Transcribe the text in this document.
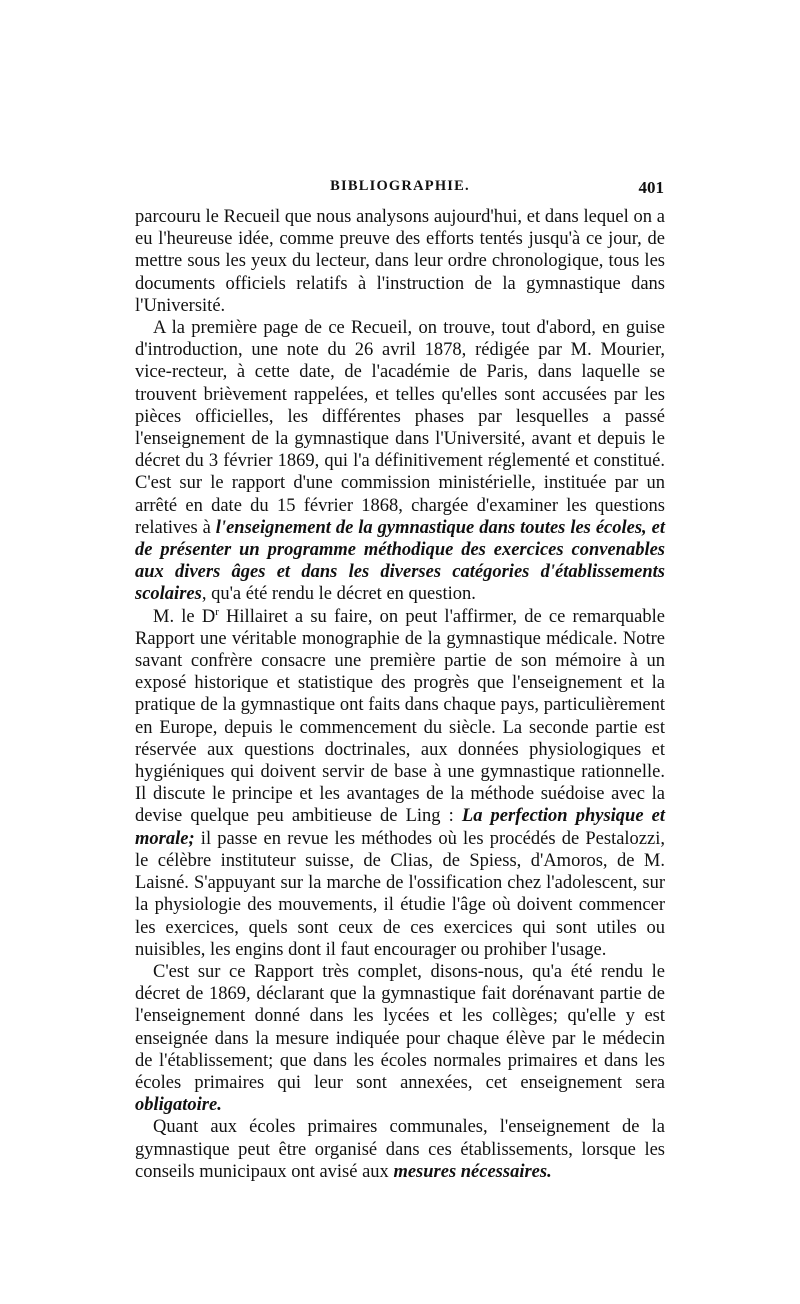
BIBLIOGRAPHIE.	401

parcouru le Recueil que nous analysons aujourd'hui, et dans lequel on a eu l'heureuse idée, comme preuve des efforts tentés jusqu'à ce jour, de mettre sous les yeux du lecteur, dans leur ordre chronologique, tous les documents officiels relatifs à l'instruction de la gymnastique dans l'Université.

A la première page de ce Recueil, on trouve, tout d'abord, en guise d'introduction, une note du 26 avril 1878, rédigée par M. Mourier, vice-recteur, à cette date, de l'académie de Paris, dans laquelle se trouvent brièvement rappelées, et telles qu'elles sont accusées par les pièces officielles, les différentes phases par lesquelles a passé l'enseignement de la gymnastique dans l'Université, avant et depuis le décret du 3 février 1869, qui l'a définitivement réglementé et constitué. C'est sur le rapport d'une commission ministérielle, instituée par un arrêté en date du 15 février 1868, chargée d'examiner les questions relatives à l'enseignement de la gymnastique dans toutes les écoles, et de présenter un programme méthodique des exercices convenables aux divers âges et dans les diverses catégories d'établissements scolaires, qu'a été rendu le décret en question.

M. le $D^r$ Hillairet a su faire, on peut l'affirmer, de ce remarquable Rapport une véritable monographie de la gymnastique médicale. Notre savant confrère consacre une première partie de son mémoire à un exposé historique et statistique des progrès que l'enseignement et la pratique de la gymnastique ont faits dans chaque pays, particulièrement en Europe, depuis le commencement du siècle. La seconde partie est réservée aux questions doctrinales, aux données physiologiques et hygiéniques qui doivent servir de base à une gymnastique rationnelle. Il discute le principe et les avantages de la méthode suédoise avec la devise quelque peu ambitieuse de Ling : La perfection physique et morale; il passe en revue les méthodes où les procédés de Pestalozzi, le célèbre instituteur suisse, de Clias, de Spiess, d'Amoros, de M. Laisné. S'appuyant sur la marche de l'ossification chez l'adolescent, sur la physiologie des mouvements, il étudie l'âge où doivent commencer les exercices, quels sont ceux de ces exercices qui sont utiles ou nuisibles, les engins dont il faut encourager ou prohiber l'usage.

C'est sur ce Rapport très complet, disons-nous, qu'a été rendu le décret de 1869, déclarant que la gymnastique fait dorénavant partie de l'enseignement donné dans les lycées et les collèges; qu'elle y est enseignée dans la mesure indiquée pour chaque élève par le médecin de l'établissement; que dans les écoles normales primaires et dans les écoles primaires qui leur sont annexées, cet enseignement sera obligatoire.

Quant aux écoles primaires communales, l'enseignement de la gymnastique peut être organisé dans ces établissements, lorsque les conseils municipaux ont avisé aux mesures nécessaires.
